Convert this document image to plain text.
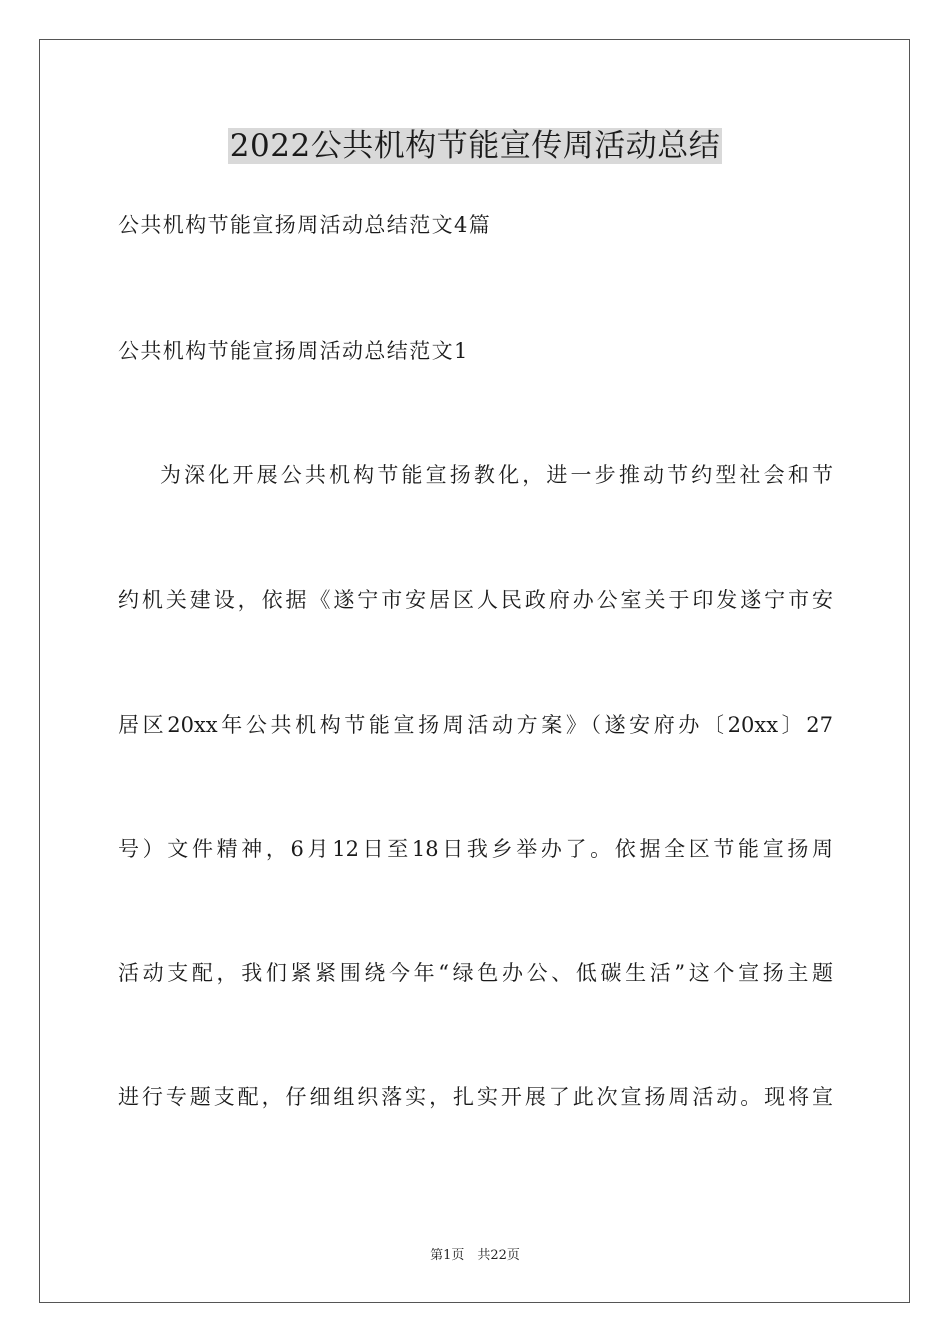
2022公共机构节能宣传周活动总结

公共机构节能宣扬周活动总结范文4篇

公共机构节能宣扬周活动总结范文1

为深化开展公共机构节能宣扬教化，进一步推动节约型社会和节

约机关建设，依据《遂宁市安居区人民政府办公室关于印发遂宁市安

居区20xx年公共机构节能宣扬周活动方案》（遂安府办〔20xx〕27

号）文件精神，6月12日至18日我乡举办了。依据全区节能宣扬周

活动支配，我们紧紧围绕今年“绿色办公、低碳生活”这个宣扬主题

进行专题支配，仔细组织落实，扎实开展了此次宣扬周活动。现将宣

第1页　共22页
